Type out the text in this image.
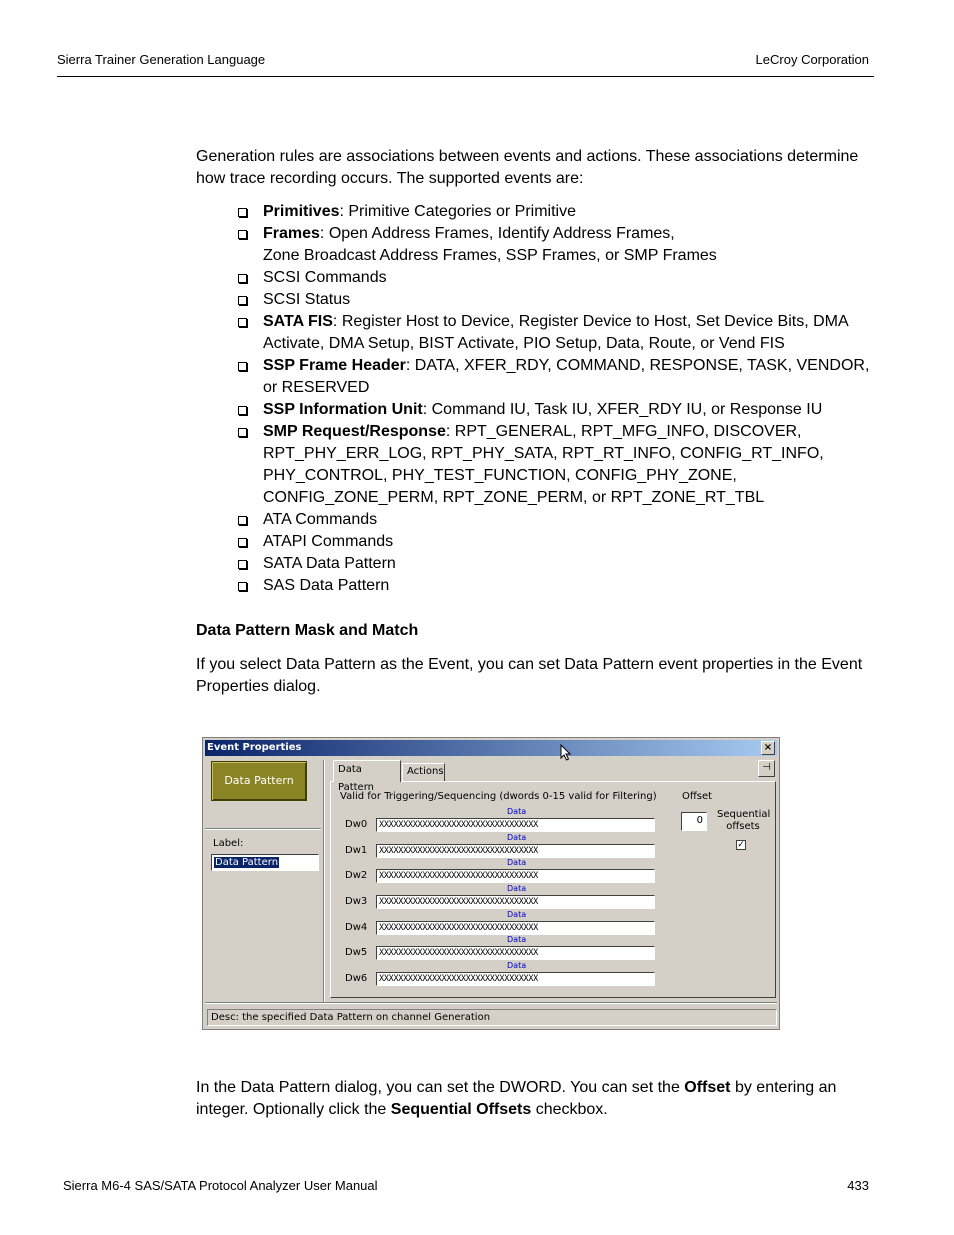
Sierra Trainer Generation Language	LeCroy Corporation
Generation rules are associations between events and actions. These associations determine how trace recording occurs. The supported events are:
Primitives: Primitive Categories or Primitive
Frames: Open Address Frames, Identify Address Frames,
Zone Broadcast Address Frames, SSP Frames, or SMP Frames
SCSI Commands
SCSI Status
SATA FIS: Register Host to Device, Register Device to Host, Set Device Bits, DMA Activate, DMA Setup, BIST Activate, PIO Setup, Data, Route, or Vend FIS
SSP Frame Header: DATA, XFER_RDY, COMMAND, RESPONSE, TASK, VENDOR, or RESERVED
SSP Information Unit: Command IU, Task IU, XFER_RDY IU, or Response IU
SMP Request/Response: RPT_GENERAL, RPT_MFG_INFO, DISCOVER, RPT_PHY_ERR_LOG, RPT_PHY_SATA, RPT_RT_INFO, CONFIG_RT_INFO, PHY_CONTROL, PHY_TEST_FUNCTION, CONFIG_PHY_ZONE, CONFIG_ZONE_PERM, RPT_ZONE_PERM, or RPT_ZONE_RT_TBL
ATA Commands
ATAPI Commands
SATA Data Pattern
SAS Data Pattern
Data Pattern Mask and Match
If you select Data Pattern as the Event, you can set Data Pattern event properties in the Event Properties dialog.
Event Properties	×
Data Pattern
Label:
Data Pattern
Data Pattern
Actions	⊣
Valid for Triggering/Sequencing (dwords 0-15 valid for Filtering)	Offset
0
Sequential offsets
✓
Data
Dw0	XXXXXXXXXXXXXXXXXXXXXXXXXXXXXXXXX
Data
Dw1	XXXXXXXXXXXXXXXXXXXXXXXXXXXXXXXXX
Data
Dw2	XXXXXXXXXXXXXXXXXXXXXXXXXXXXXXXXX
Data
Dw3	XXXXXXXXXXXXXXXXXXXXXXXXXXXXXXXXX
Data
Dw4	XXXXXXXXXXXXXXXXXXXXXXXXXXXXXXXXX
Data
Dw5	XXXXXXXXXXXXXXXXXXXXXXXXXXXXXXXXX
Data
Dw6	XXXXXXXXXXXXXXXXXXXXXXXXXXXXXXXXX
Desc: the specified Data Pattern on channel Generation
In the Data Pattern dialog, you can set the DWORD. You can set the Offset by entering an integer. Optionally click the Sequential Offsets checkbox.
Sierra M6-4 SAS/SATA Protocol Analyzer User Manual	433
